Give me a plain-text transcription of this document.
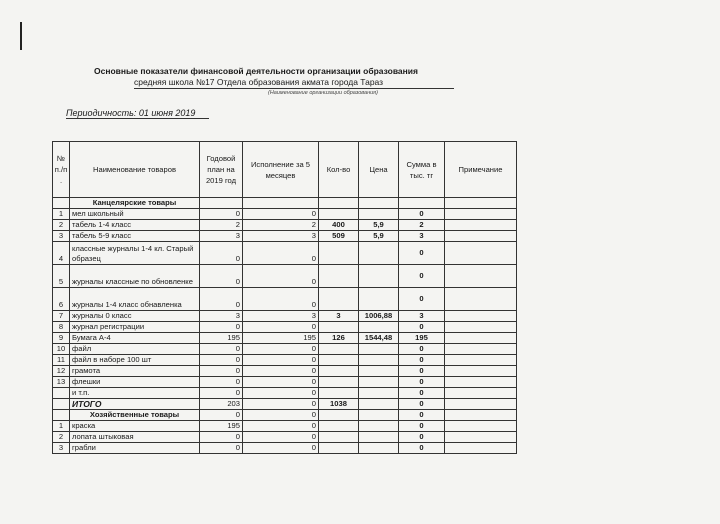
Основные показатели финансовой деятельности организации образования
средняя школа №17 Отдела образования акмата города Тараз
(Наименование организации образования)
Периодичность: 01 июня 2019
№ п./п .	Наименование товаров	Годовой план на 2019 год	Исполнение за 5 месяцев	Кол-во	Цена	Сумма в тыс. тг	Примечание
	Канцелярские товары						
1	мел школьный	0	0			0	
2	табель 1-4 класс	2	2	400	5,9	2	
3	табель 5-9 класс	3	3	509	5,9	3	
4	классные журналы 1-4 кл. Старый образец	0	0			0	
5	журналы классные по обновленке	0	0			0	
6	журналы 1-4 класс обнавленка	0	0			0	
7	журналы 0 класс	3	3	3	1006,88	3	
8	журнал регистрации	0	0			0	
9	Бумага А-4	195	195	126	1544,48	195	
10	файл	0	0			0	
11	файл в наборе 100 шт	0	0			0	
12	грамота	0	0			0	
13	флешки	0	0			0	
	и т.п.	0	0			0	
	ИТОГО	203	0	1038		0	
	Хозяйственные товары	0	0			0	
1	краска	195	0			0	
2	лопата штыковая	0	0			0	
3	грабли	0	0			0	
